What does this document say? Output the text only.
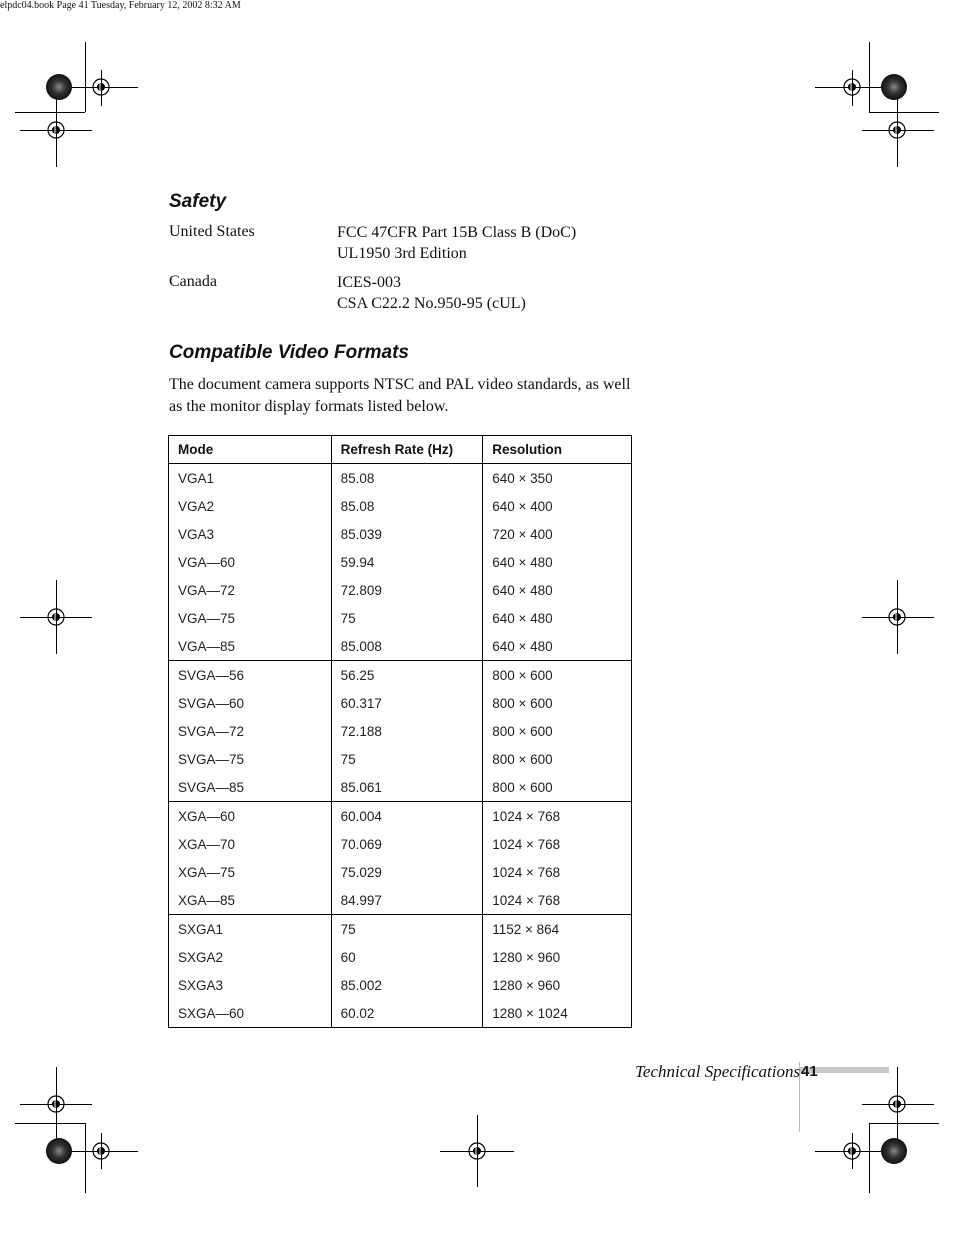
elpdc04.book Page 41 Tuesday, February 12, 2002 8:32 AM
Safety
United States	FCC 47CFR Part 15B Class B (DoC)
UL1950 3rd Edition
Canada	ICES-003
CSA C22.2 No.950-95 (cUL)
Compatible Video Formats

The document camera supports NTSC and PAL video standards, as well as the monitor display formats listed below.

Mode	Refresh Rate (Hz)	Resolution
VGA1	85.08	640 × 350
VGA2	85.08	640 × 400
VGA3	85.039	720 × 400
VGA—60	59.94	640 × 480
VGA—72	72.809	640 × 480
VGA—75	75	640 × 480
VGA—85	85.008	640 × 480
SVGA—56	56.25	800 × 600
SVGA—60	60.317	800 × 600
SVGA—72	72.188	800 × 600
SVGA—75	75	800 × 600
SVGA—85	85.061	800 × 600
XGA—60	60.004	1024 × 768
XGA—70	70.069	1024 × 768
XGA—75	75.029	1024 × 768
XGA—85	84.997	1024 × 768
SXGA1	75	1152 × 864
SXGA2	60	1280 × 960
SXGA3	85.002	1280 × 960
SXGA—60	60.02	1280 × 1024
Technical Specifications 41
